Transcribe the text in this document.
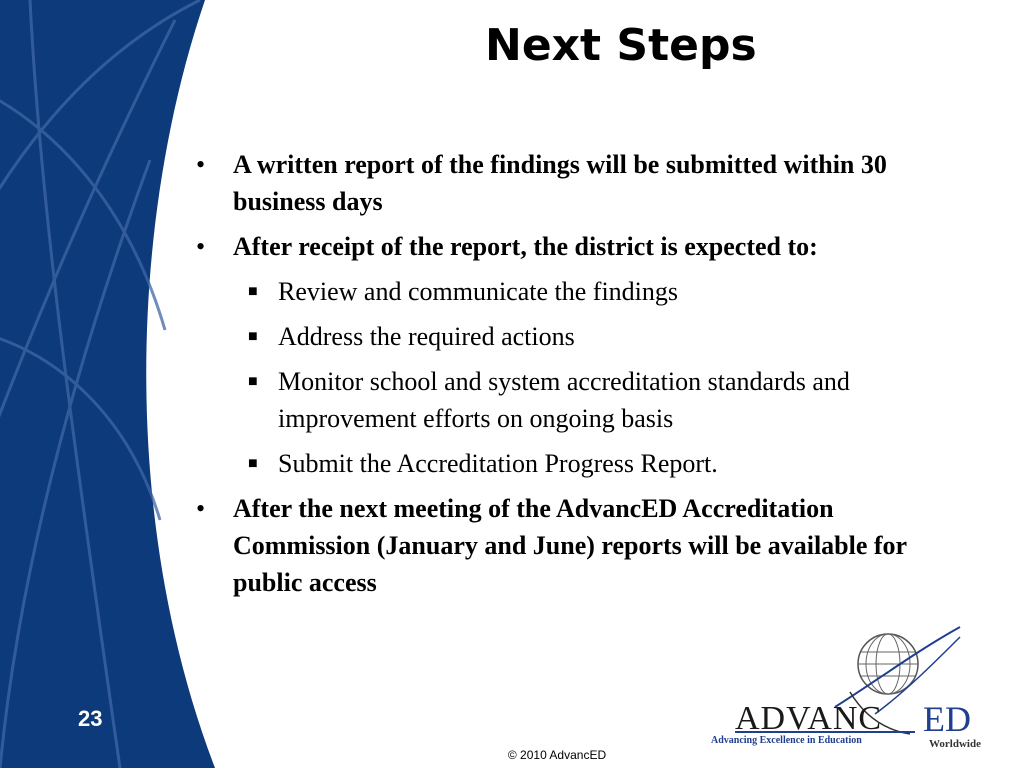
Next Steps
• A written report of the findings will be submitted within 30 business days
• After receipt of the report, the district is expected to:
■ Review and communicate the findings
■ Address the required actions
■ Monitor school and system accreditation standards and improvement efforts on ongoing basis
■ Submit the Accreditation Progress Report.
• After the next meeting of the AdvancED Accreditation Commission (January and June) reports will be available for public access
23	ADVANC ED
Advancing Excellence in Education	Worldwide
© 2010 AdvancED
